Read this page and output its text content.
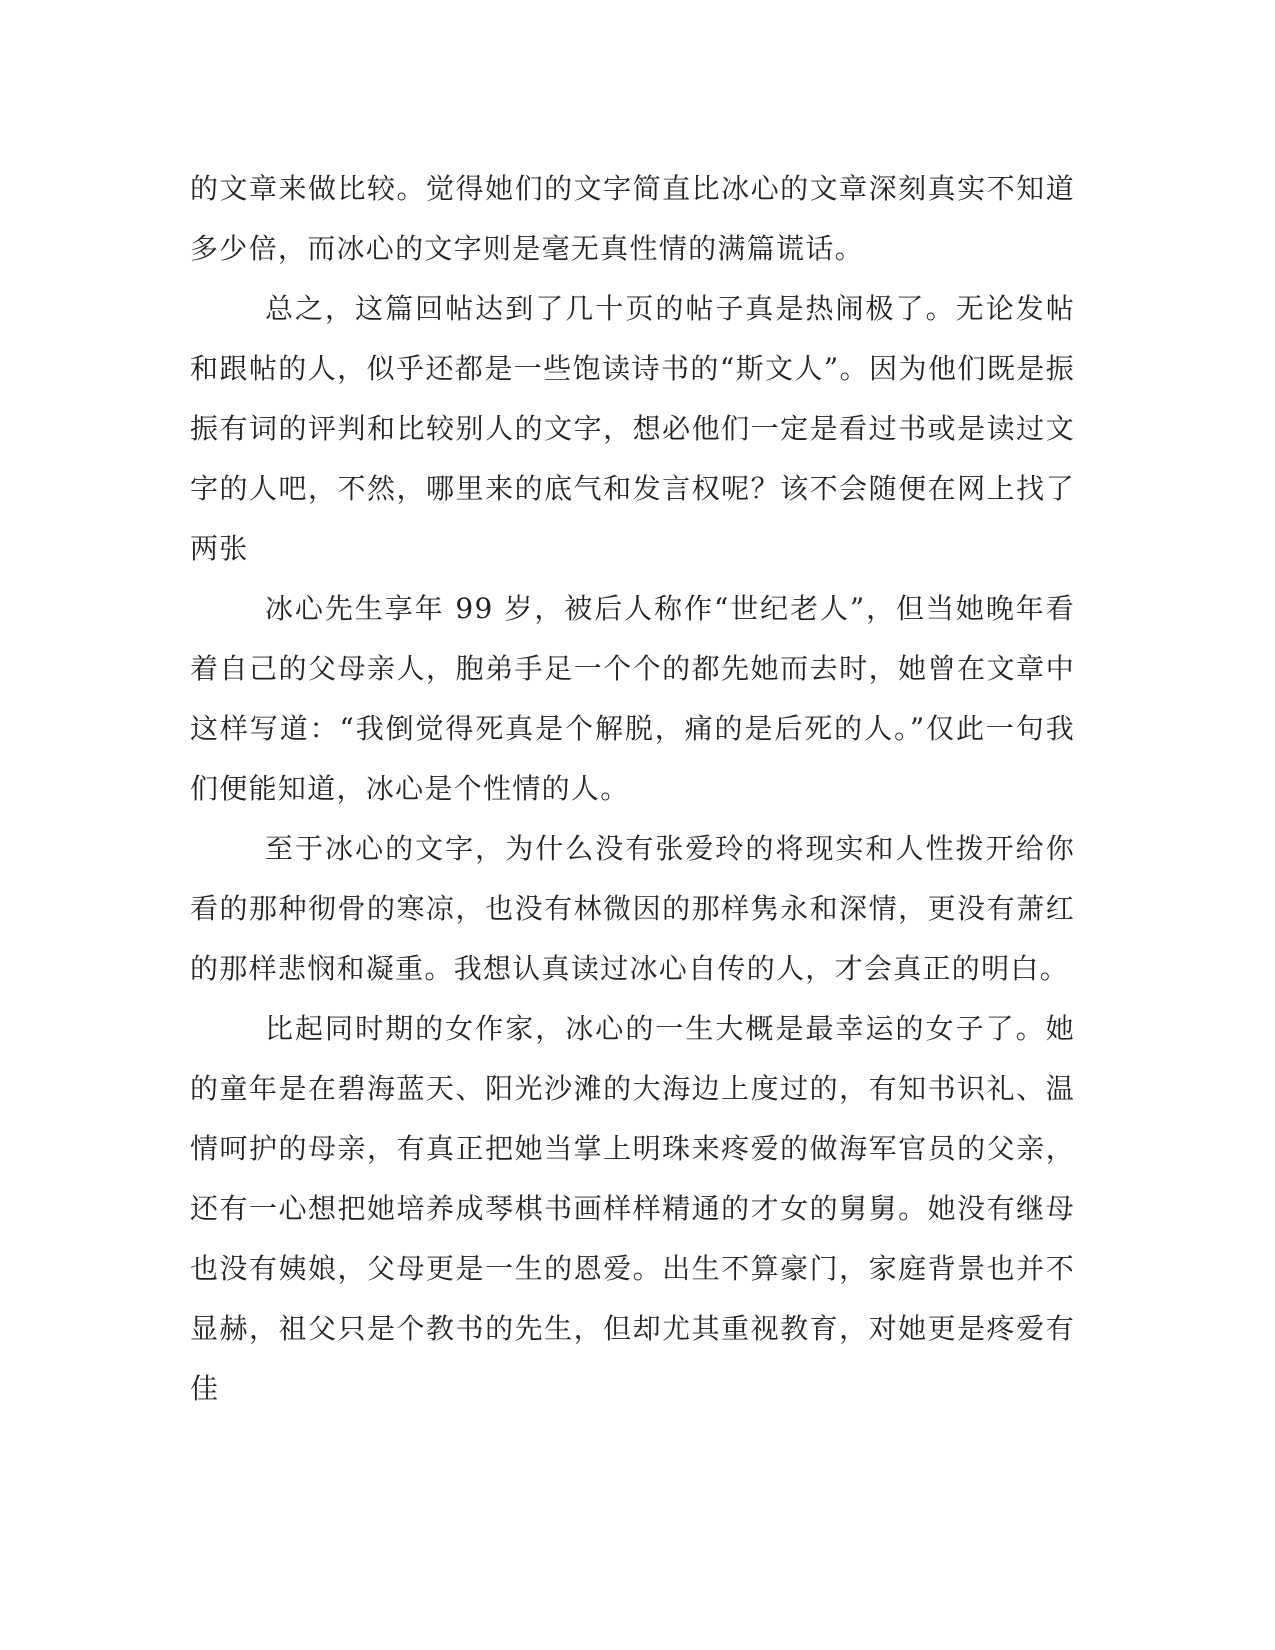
的文章来做比较。觉得她们的文字简直比冰心的文章深刻真实不知道多少倍，而冰心的文字则是毫无真性情的满篇谎话。

总之，这篇回帖达到了几十页的帖子真是热闹极了。无论发帖和跟帖的人，似乎还都是一些饱读诗书的“斯文人”。因为他们既是振振有词的评判和比较别人的文字，想必他们一定是看过书或是读过文字的人吧，不然，哪里来的底气和发言权呢？该不会随便在网上找了两张

冰心先生享年 99 岁，被后人称作“世纪老人”，但当她晚年看着自己的父母亲人，胞弟手足一个个的都先她而去时，她曾在文章中这样写道：“我倒觉得死真是个解脱，痛的是后死的人。”仅此一句我们便能知道，冰心是个性情的人。

至于冰心的文字，为什么没有张爱玲的将现实和人性拨开给你看的那种彻骨的寒凉，也没有林微因的那样隽永和深情，更没有萧红的那样悲悯和凝重。我想认真读过冰心自传的人，才会真正的明白。

比起同时期的女作家，冰心的一生大概是最幸运的女子了。她的童年是在碧海蓝天、阳光沙滩的大海边上度过的，有知书识礼、温情呵护的母亲，有真正把她当掌上明珠来疼爱的做海军官员的父亲，还有一心想把她培养成琴棋书画样样精通的才女的舅舅。她没有继母也没有姨娘，父母更是一生的恩爱。出生不算豪门，家庭背景也并不显赫，祖父只是个教书的先生，但却尤其重视教育，对她更是疼爱有佳
